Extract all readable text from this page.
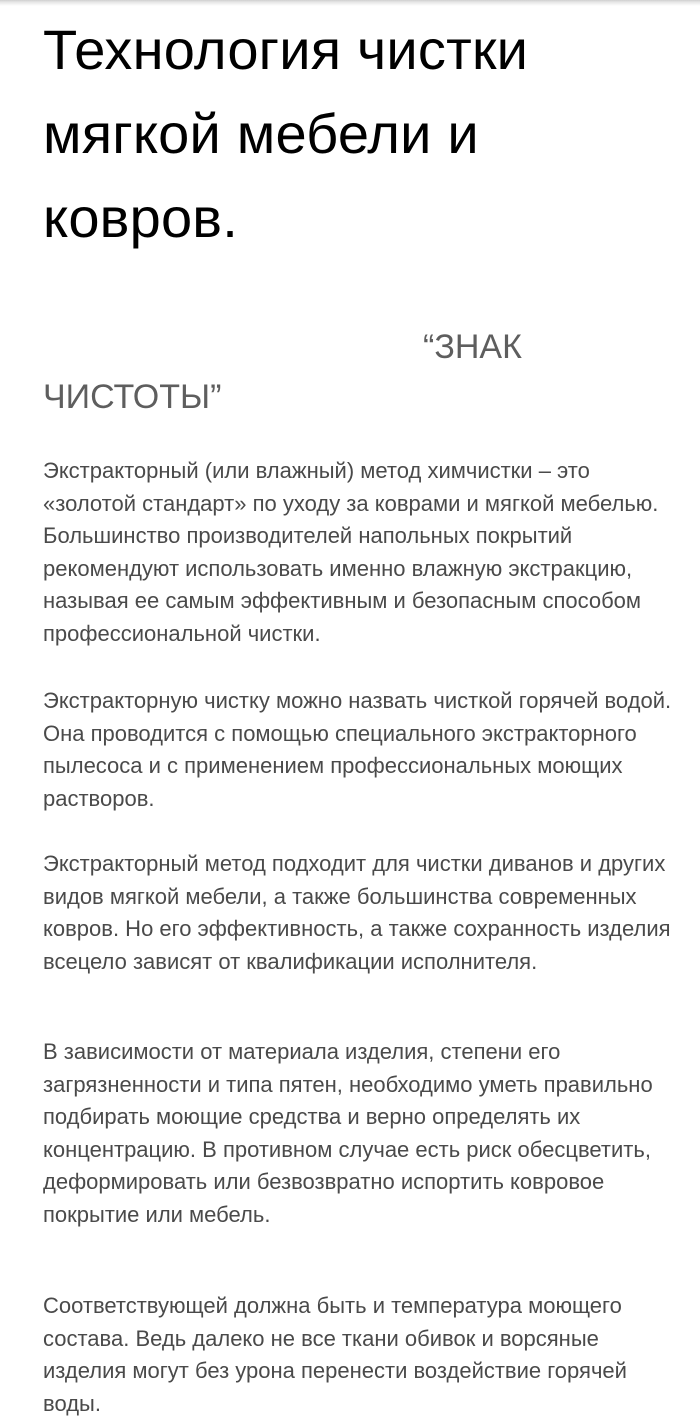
Технология чистки мягкой мебели и ковров.
“ЗНАК ЧИСТОТЫ”

Экстракторный (или влажный) метод химчистки – это «золотой стандарт» по уходу за коврами и мягкой мебелью. Большинство производителей напольных покрытий рекомендуют использовать именно влажную экстракцию, называя ее самым эффективным и безопасным способом профессиональной чистки.

Экстракторную чистку можно назвать чисткой горячей водой. Она проводится с помощью специального экстракторного пылесоса и с применением профессиональных моющих растворов.

Экстракторный метод подходит для чистки диванов и других видов мягкой мебели, а также большинства современных ковров. Но его эффективность, а также сохранность изделия всецело зависят от квалификации исполнителя.

В зависимости от материала изделия, степени его загрязненности и типа пятен, необходимо уметь правильно подбирать моющие средства и верно определять их концентрацию. В противном случае есть риск обесцветить, деформировать или безвозвратно испортить ковровое покрытие или мебель.

Соответствующей должна быть и температура моющего состава. Ведь далеко не все ткани обивок и ворсяные изделия могут без урона перенести воздействие горячей воды.
